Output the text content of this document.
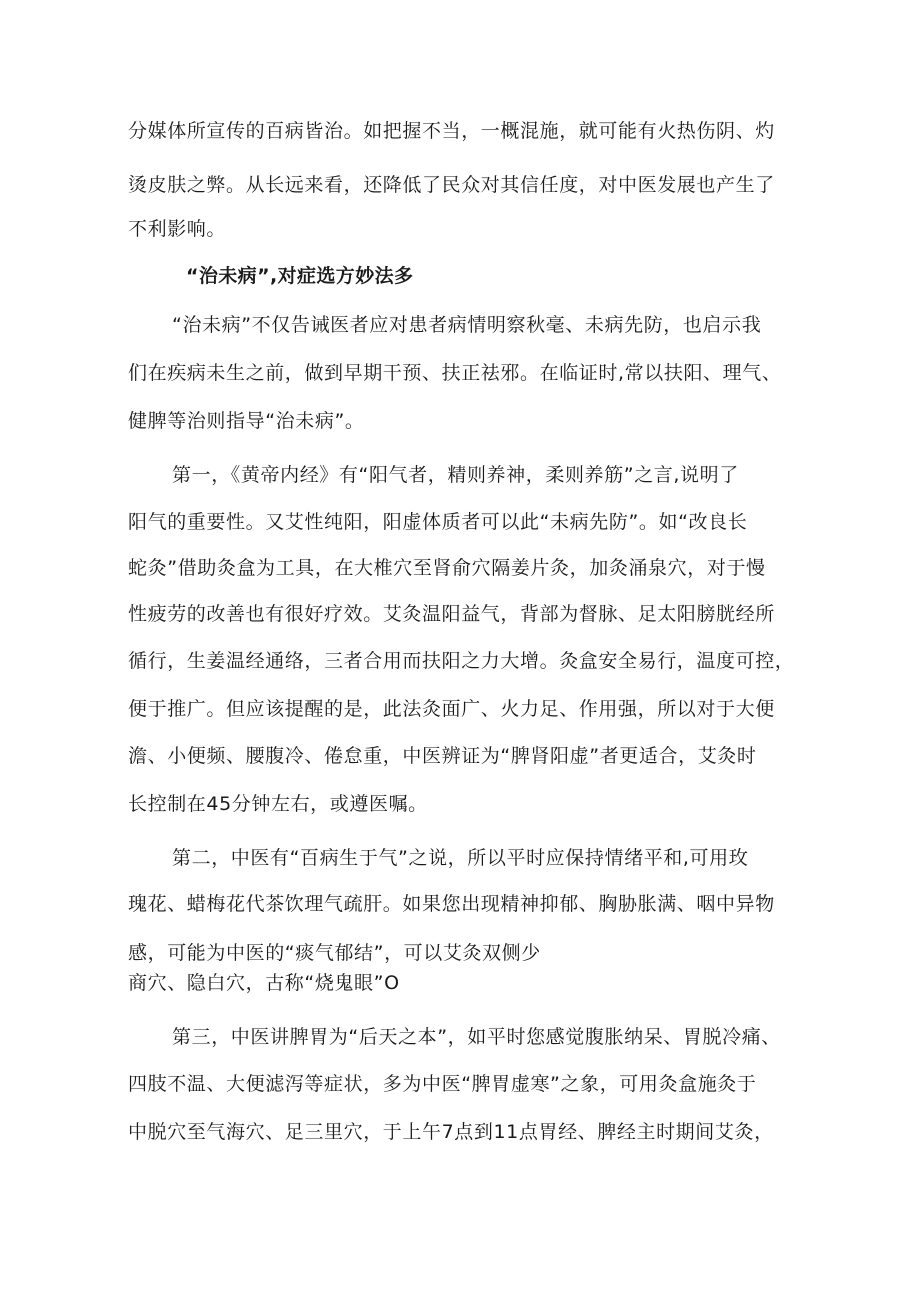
分媒体所宣传的百病皆治。如把握不当，一概混施，就可能有火热伤阴、灼
烫皮肤之弊。从长远来看，还降低了民众对其信任度，对中医发展也产生了
不利影响。
“治未病”,对症选方妙法多
“治未病”不仅告诫医者应对患者病情明察秋毫、未病先防，也启示我
们在疾病未生之前，做到早期干预、扶正祛邪。在临证时,常以扶阳、理气、
健脾等治则指导“治未病”。
第一，《黄帝内经》有“阳气者，精则养神，柔则养筋”之言,说明了
阳气的重要性。又艾性纯阳，阳虚体质者可以此“未病先防”。如“改良长
蛇灸”借助灸盒为工具，在大椎穴至肾俞穴隔姜片灸，加灸涌泉穴，对于慢
性疲劳的改善也有很好疗效。艾灸温阳益气，背部为督脉、足太阳膀胱经所
循行，生姜温经通络，三者合用而扶阳之力大增。灸盒安全易行，温度可控，
便于推广。但应该提醒的是，此法灸面广、火力足、作用强，所以对于大便
澹、小便频、腰腹冷、倦怠重，中医辨证为“脾肾阳虚”者更适合，艾灸时
长控制在45分钟左右，或遵医嘱。
第二，中医有“百病生于气”之说，所以平时应保持情绪平和,可用玫
瑰花、蜡梅花代茶饮理气疏肝。如果您出现精神抑郁、胸胁胀满、咽中异物
感，可能为中医的“痰气郁结”，可以艾灸双侧少
商穴、隐白穴，古称“烧鬼眼”O
第三，中医讲脾胃为“后天之本”，如平时您感觉腹胀纳呆、胃脱冷痛、
四肢不温、大便滤泻等症状，多为中医“脾胃虚寒”之象，可用灸盒施灸于
中脱穴至气海穴、足三里穴，于上午7点到11点胃经、脾经主时期间艾灸，
